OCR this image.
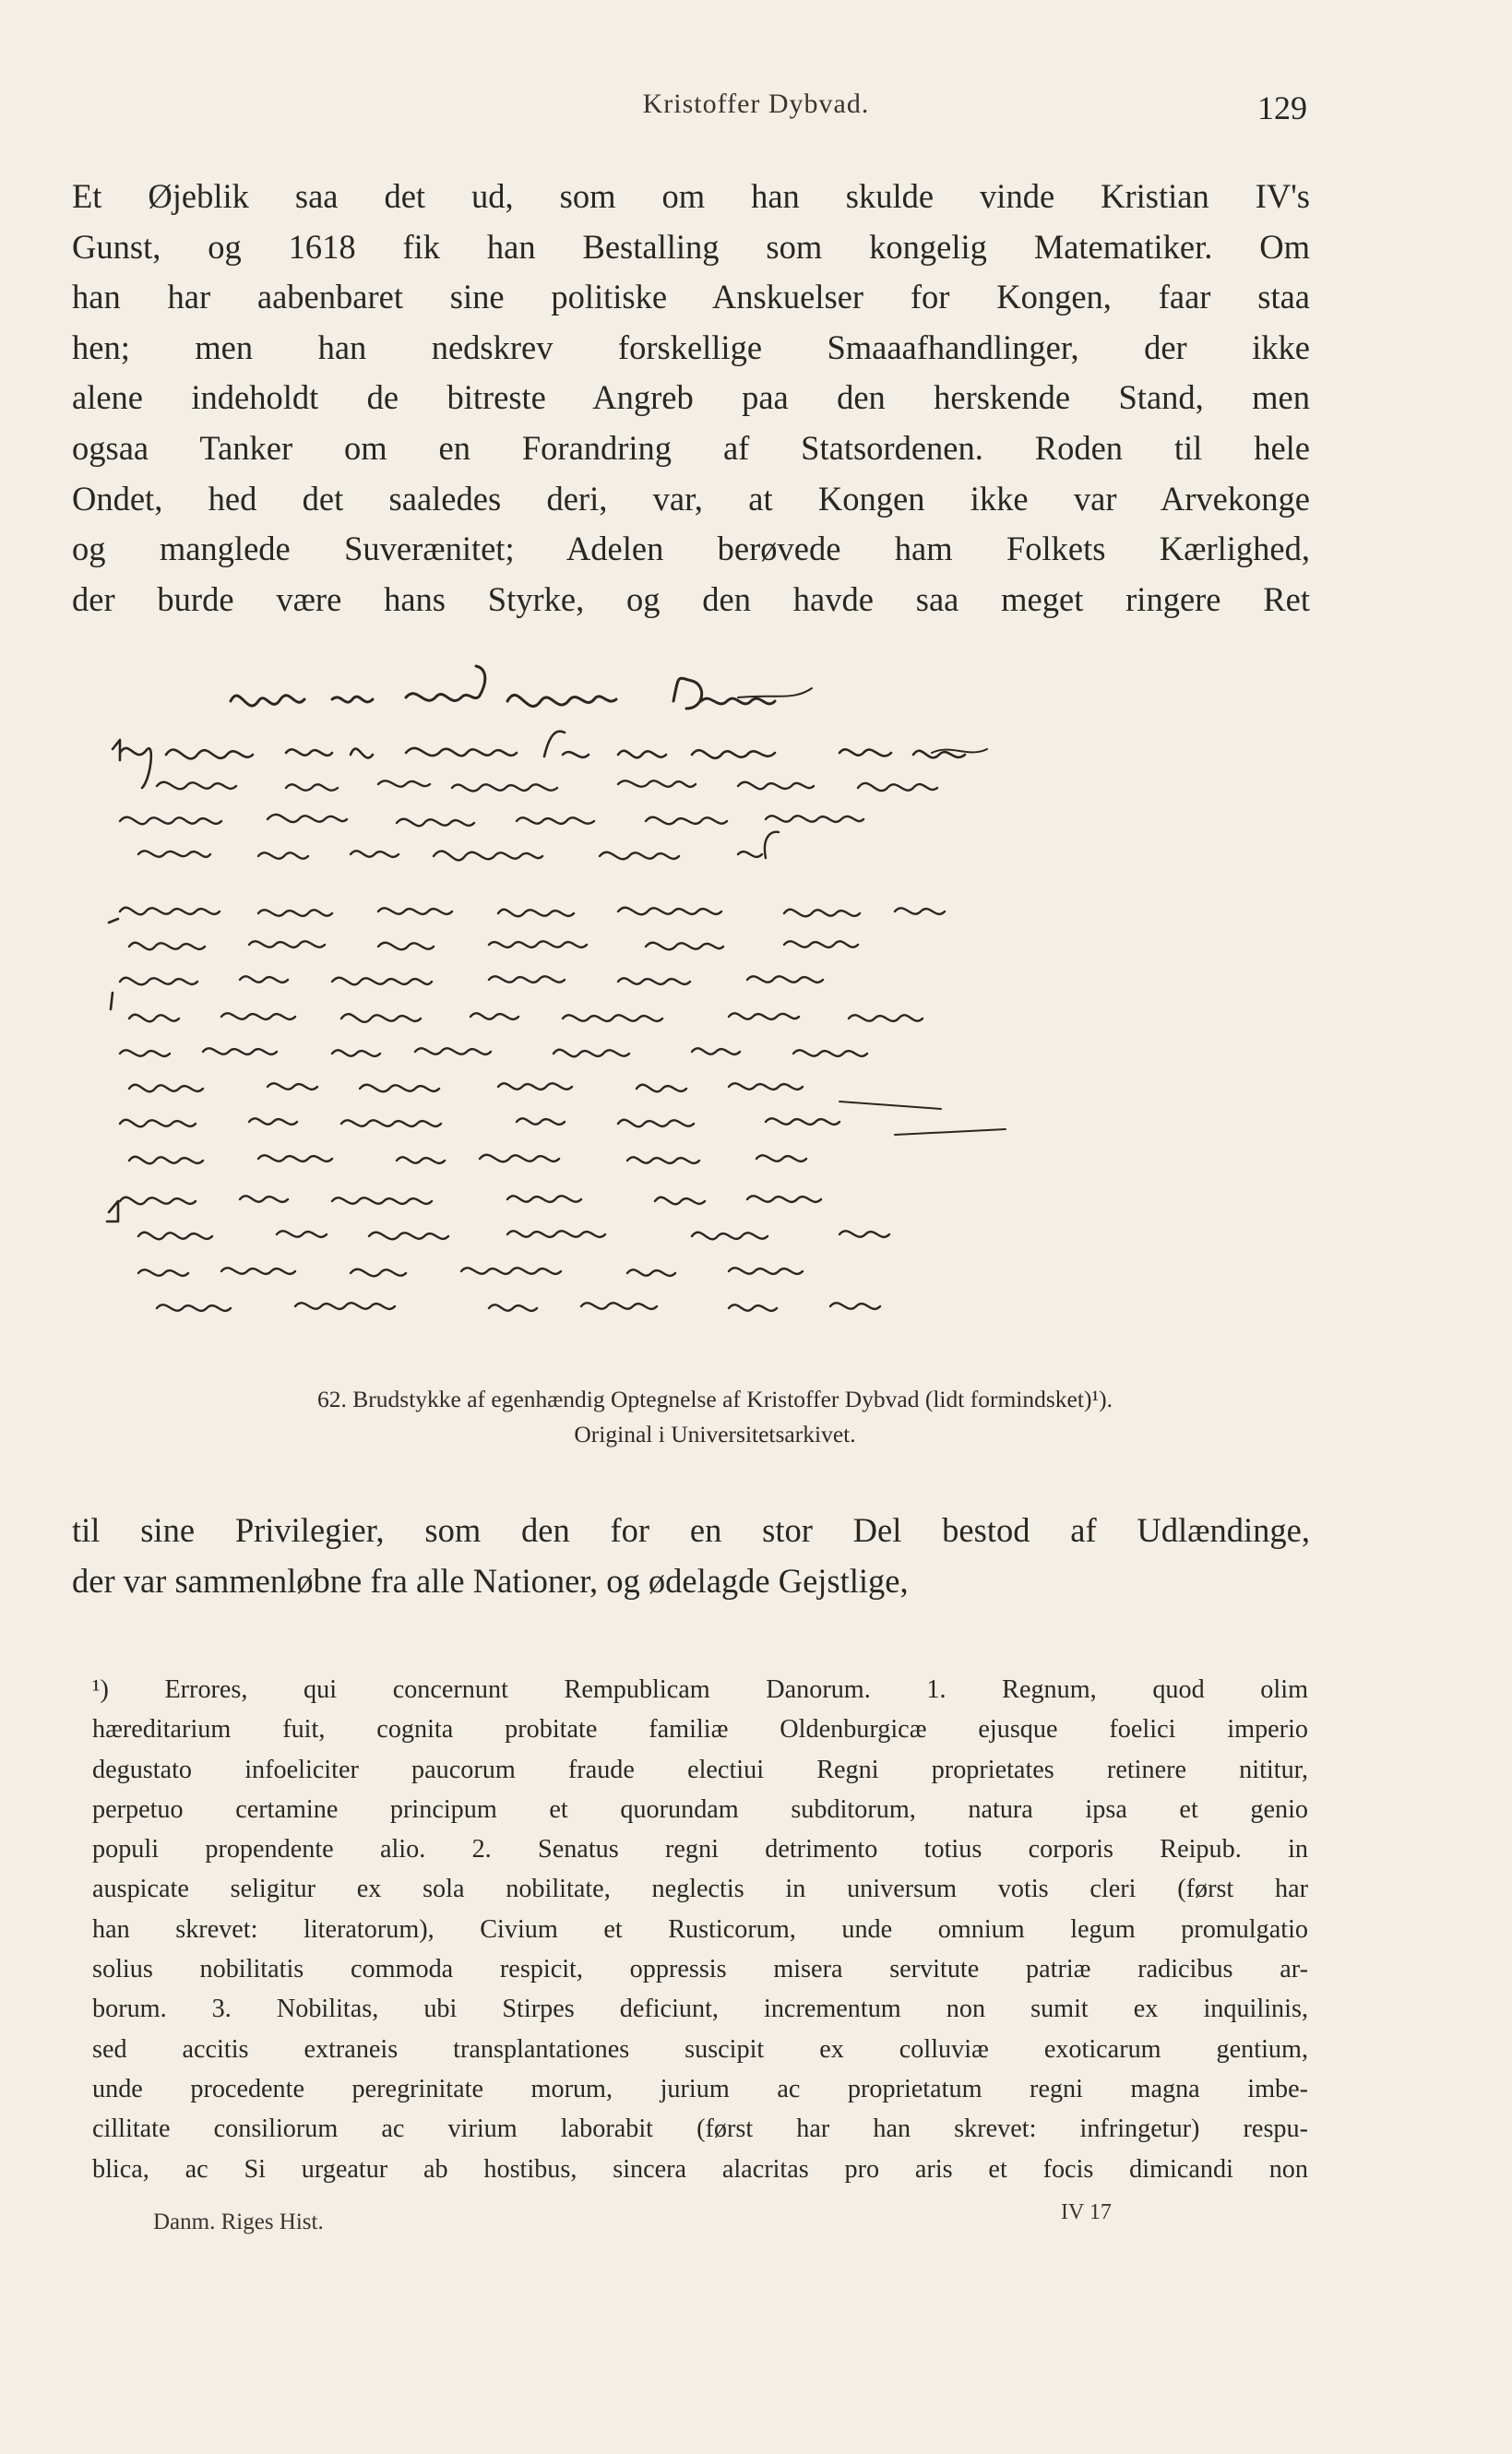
Kristoffer Dybvad.	129

Et Øjeblik saa det ud, som om han skulde vinde Kristian IV's
Gunst, og 1618 fik han Bestalling som kongelig Matematiker. Om
han har aabenbaret sine politiske Anskuelser for Kongen, faar staa
hen; men han nedskrev forskellige Smaaafhandlinger, der ikke
alene indeholdt de bitreste Angreb paa den herskende Stand, men
ogsaa Tanker om en Forandring af Statsordenen. Roden til hele
Ondet, hed det saaledes deri, var, at Kongen ikke var Arvekonge
og manglede Suverænitet; Adelen berøvede ham Folkets Kærlighed,
der burde være hans Styrke, og den havde saa meget ringere Ret

62. Brudstykke af egenhændig Optegnelse af Kristoffer Dybvad (lidt formindsket)¹).
Original i Universitetsarkivet.

til sine Privilegier, som den for en stor Del bestod af Udlændinge,
der var sammenløbne fra alle Nationer, og ødelagde Gejstlige,

¹) Errores, qui concernunt Rempublicam Danorum. 1. Regnum, quod olim
hæreditarium fuit, cognita probitate familiæ Oldenburgicæ ejusque foelici imperio
degustato infoeliciter paucorum fraude electiui Regni proprietates retinere nititur,
perpetuo certamine principum et quorundam subditorum, natura ipsa et genio
populi propendente alio. 2. Senatus regni detrimento totius corporis Reipub. in
auspicate seligitur ex sola nobilitate, neglectis in universum votis cleri (først har
han skrevet: literatorum), Civium et Rusticorum, unde omnium legum promulgatio
solius nobilitatis commoda respicit, oppressis misera servitute patriæ radicibus ar-
borum. 3. Nobilitas, ubi Stirpes deficiunt, incrementum non sumit ex inquilinis,
sed accitis extraneis transplantationes suscipit ex colluviæ exoticarum gentium,
unde procedente peregrinitate morum, jurium ac proprietatum regni magna imbe-
cillitate consiliorum ac virium laborabit (først har han skrevet: infringetur) respu-
blica, ac Si urgeatur ab hostibus, sincera alacritas pro aris et focis dimicandi non

Danm. Riges Hist.	IV 17
